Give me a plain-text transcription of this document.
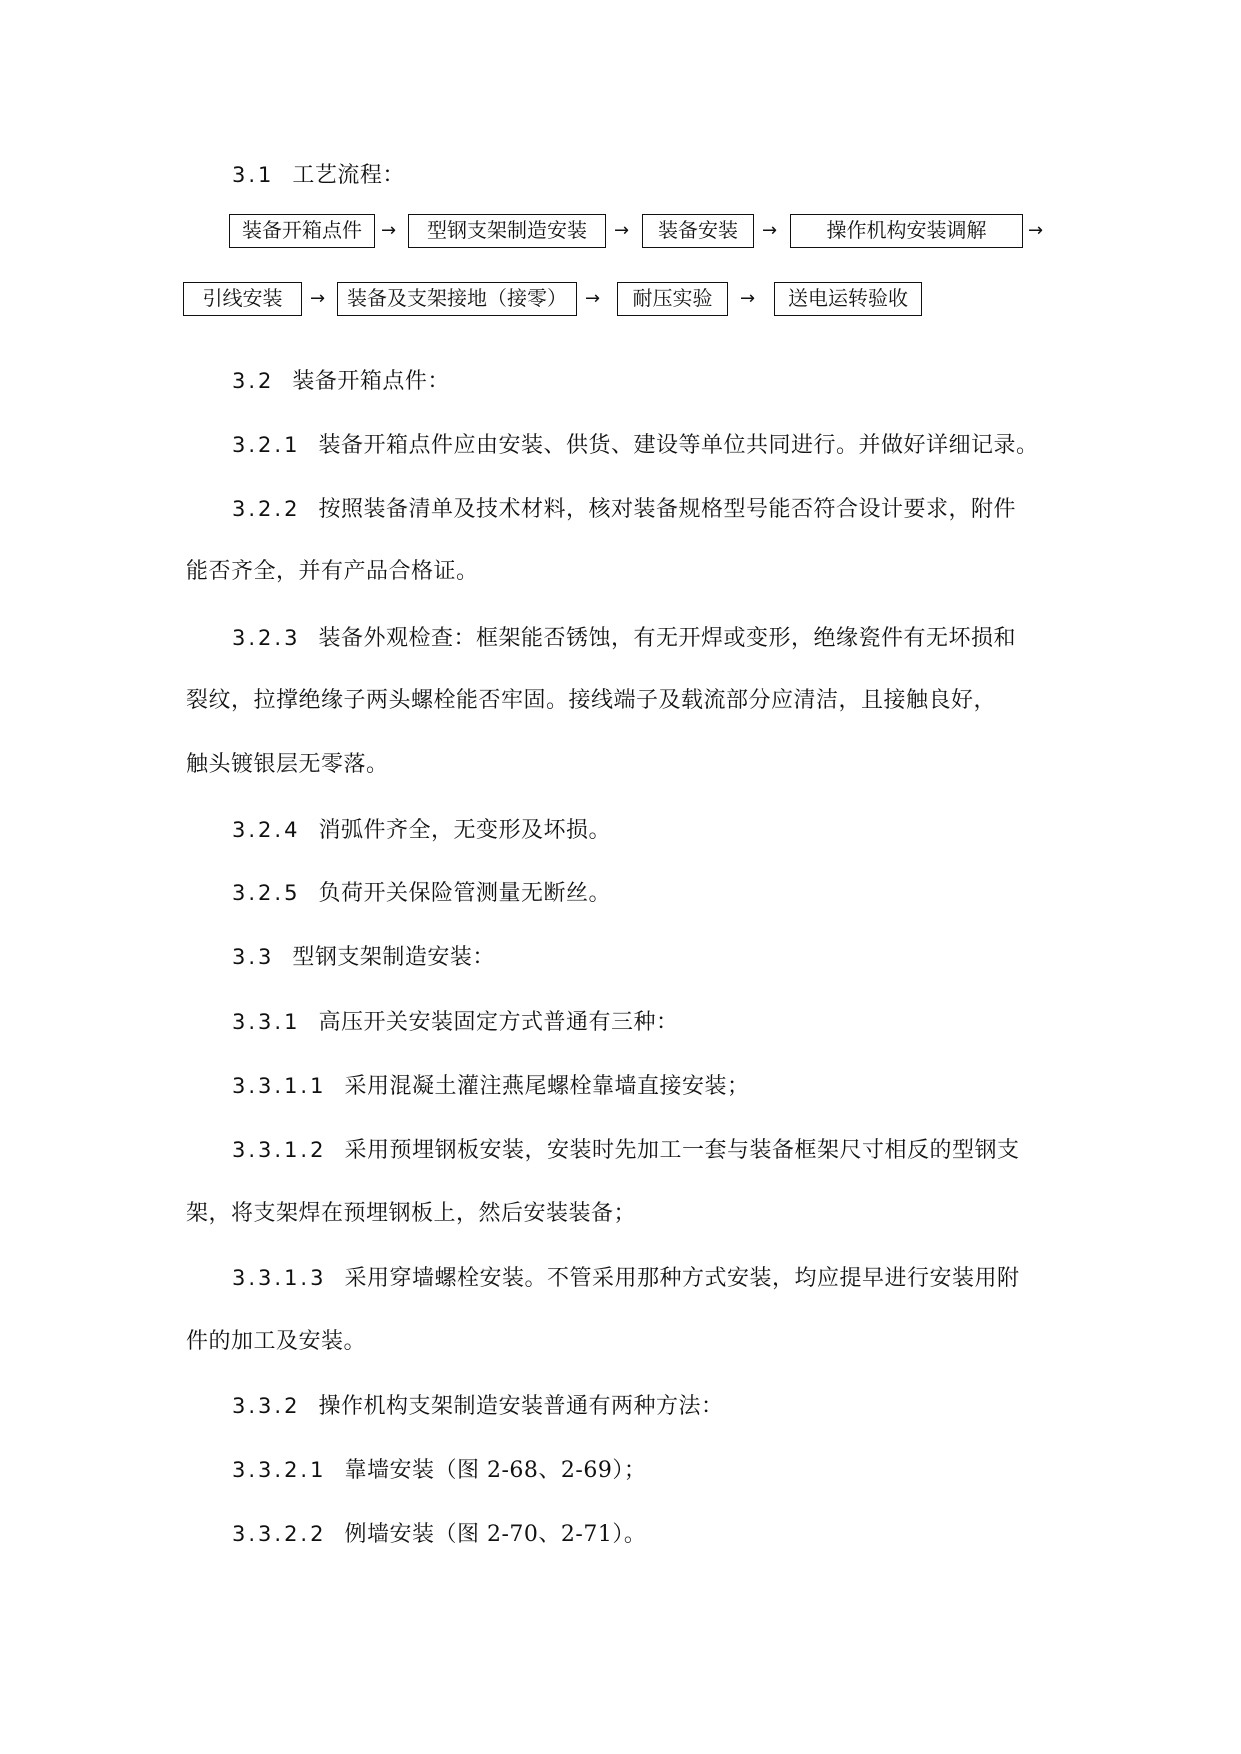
3.1 工艺流程：
装备开箱点件	→	型钢支架制造安装	→	装备安装	→	操作机构安装调解	→
引线安装	→	装备及支架接地（接零）	→	耐压实验	→	送电运转验收
3.2 装备开箱点件：
3.2.1 装备开箱点件应由安装、供货、建设等单位共同进行。并做好详细记录。
3.2.2 按照装备清单及技术材料，核对装备规格型号能否符合设计要求，附件
能否齐全，并有产品合格证。
3.2.3 装备外观检查：框架能否锈蚀，有无开焊或变形，绝缘瓷件有无坏损和
裂纹，拉撑绝缘子两头螺栓能否牢固。接线端子及载流部分应清洁，且接触良好，
触头镀银层无零落。
3.2.4 消弧件齐全，无变形及坏损。
3.2.5 负荷开关保险管测量无断丝。
3.3 型钢支架制造安装：
3.3.1 高压开关安装固定方式普通有三种：
3.3.1.1 采用混凝土灌注燕尾螺栓靠墙直接安装；
3.3.1.2 采用预埋钢板安装，安装时先加工一套与装备框架尺寸相反的型钢支
架，将支架焊在预埋钢板上，然后安装装备；
3.3.1.3 采用穿墙螺栓安装。不管采用那种方式安装，均应提早进行安装用附
件的加工及安装。
3.3.2 操作机构支架制造安装普通有两种方法：
3.3.2.1 靠墙安装（图 2-68、2-69）；
3.3.2.2 例墙安装（图 2-70、2-71）。
